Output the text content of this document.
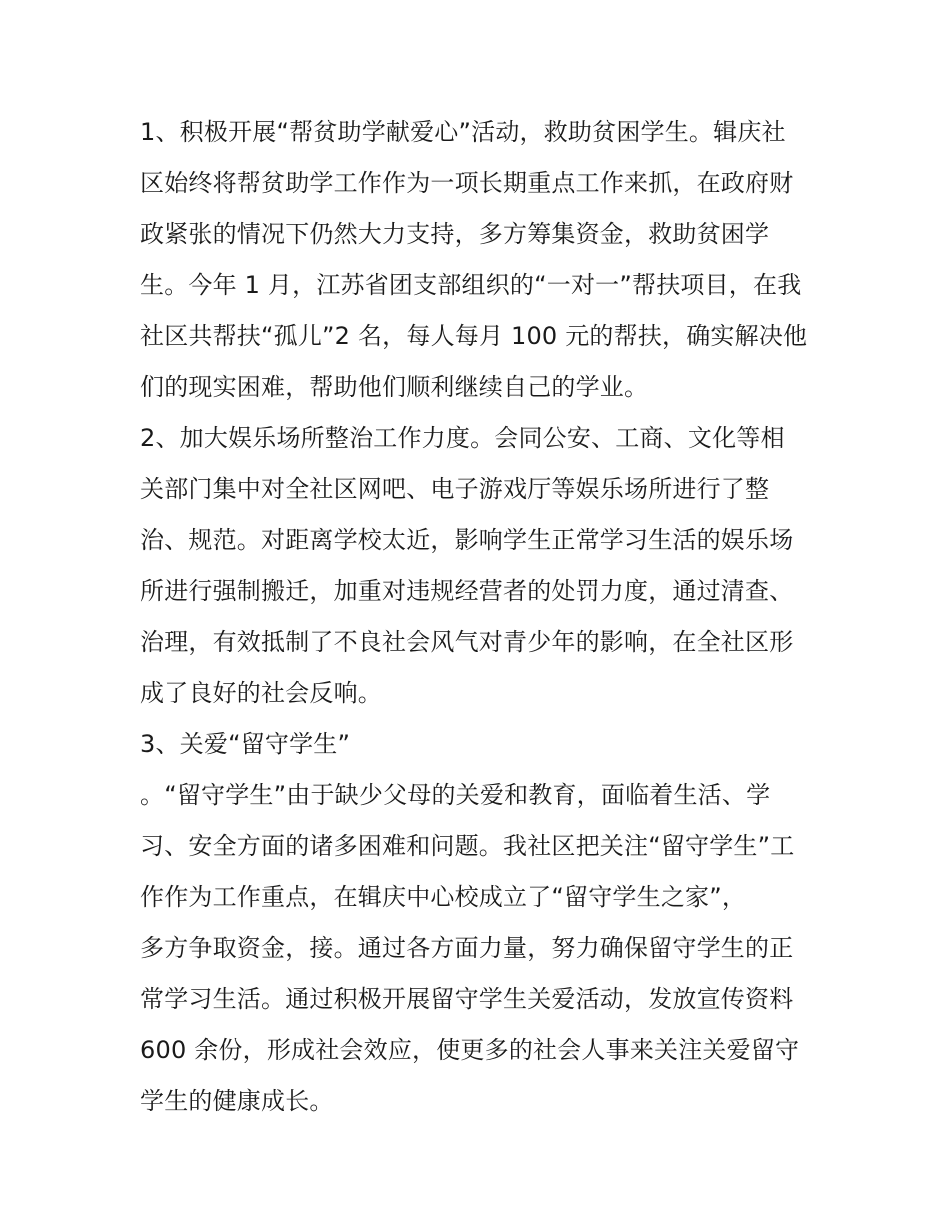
1、积极开展“帮贫助学献爱心”活动，救助贫困学生。辑庆社
区始终将帮贫助学工作作为一项长期重点工作来抓，在政府财
政紧张的情况下仍然大力支持，多方筹集资金，救助贫困学
生。今年 1 月，江苏省团支部组织的“一对一”帮扶项目，在我
社区共帮扶“孤儿”2 名，每人每月 100 元的帮扶，确实解决他
们的现实困难，帮助他们顺利继续自己的学业。
2、加大娱乐场所整治工作力度。会同公安、工商、文化等相
关部门集中对全社区网吧、电子游戏厅等娱乐场所进行了整
治、规范。对距离学校太近，影响学生正常学习生活的娱乐场
所进行强制搬迁，加重对违规经营者的处罚力度，通过清查、
治理，有效抵制了不良社会风气对青少年的影响，在全社区形
成了良好的社会反响。
3、关爱“留守学生”
。“留守学生”由于缺少父母的关爱和教育，面临着生活、学
习、安全方面的诸多困难和问题。我社区把关注“留守学生”工
作作为工作重点，在辑庆中心校成立了“留守学生之家”，
多方争取资金，接。通过各方面力量，努力确保留守学生的正
常学习生活。通过积极开展留守学生关爱活动，发放宣传资料
600 余份，形成社会效应，使更多的社会人事来关注关爱留守
学生的健康成长。
